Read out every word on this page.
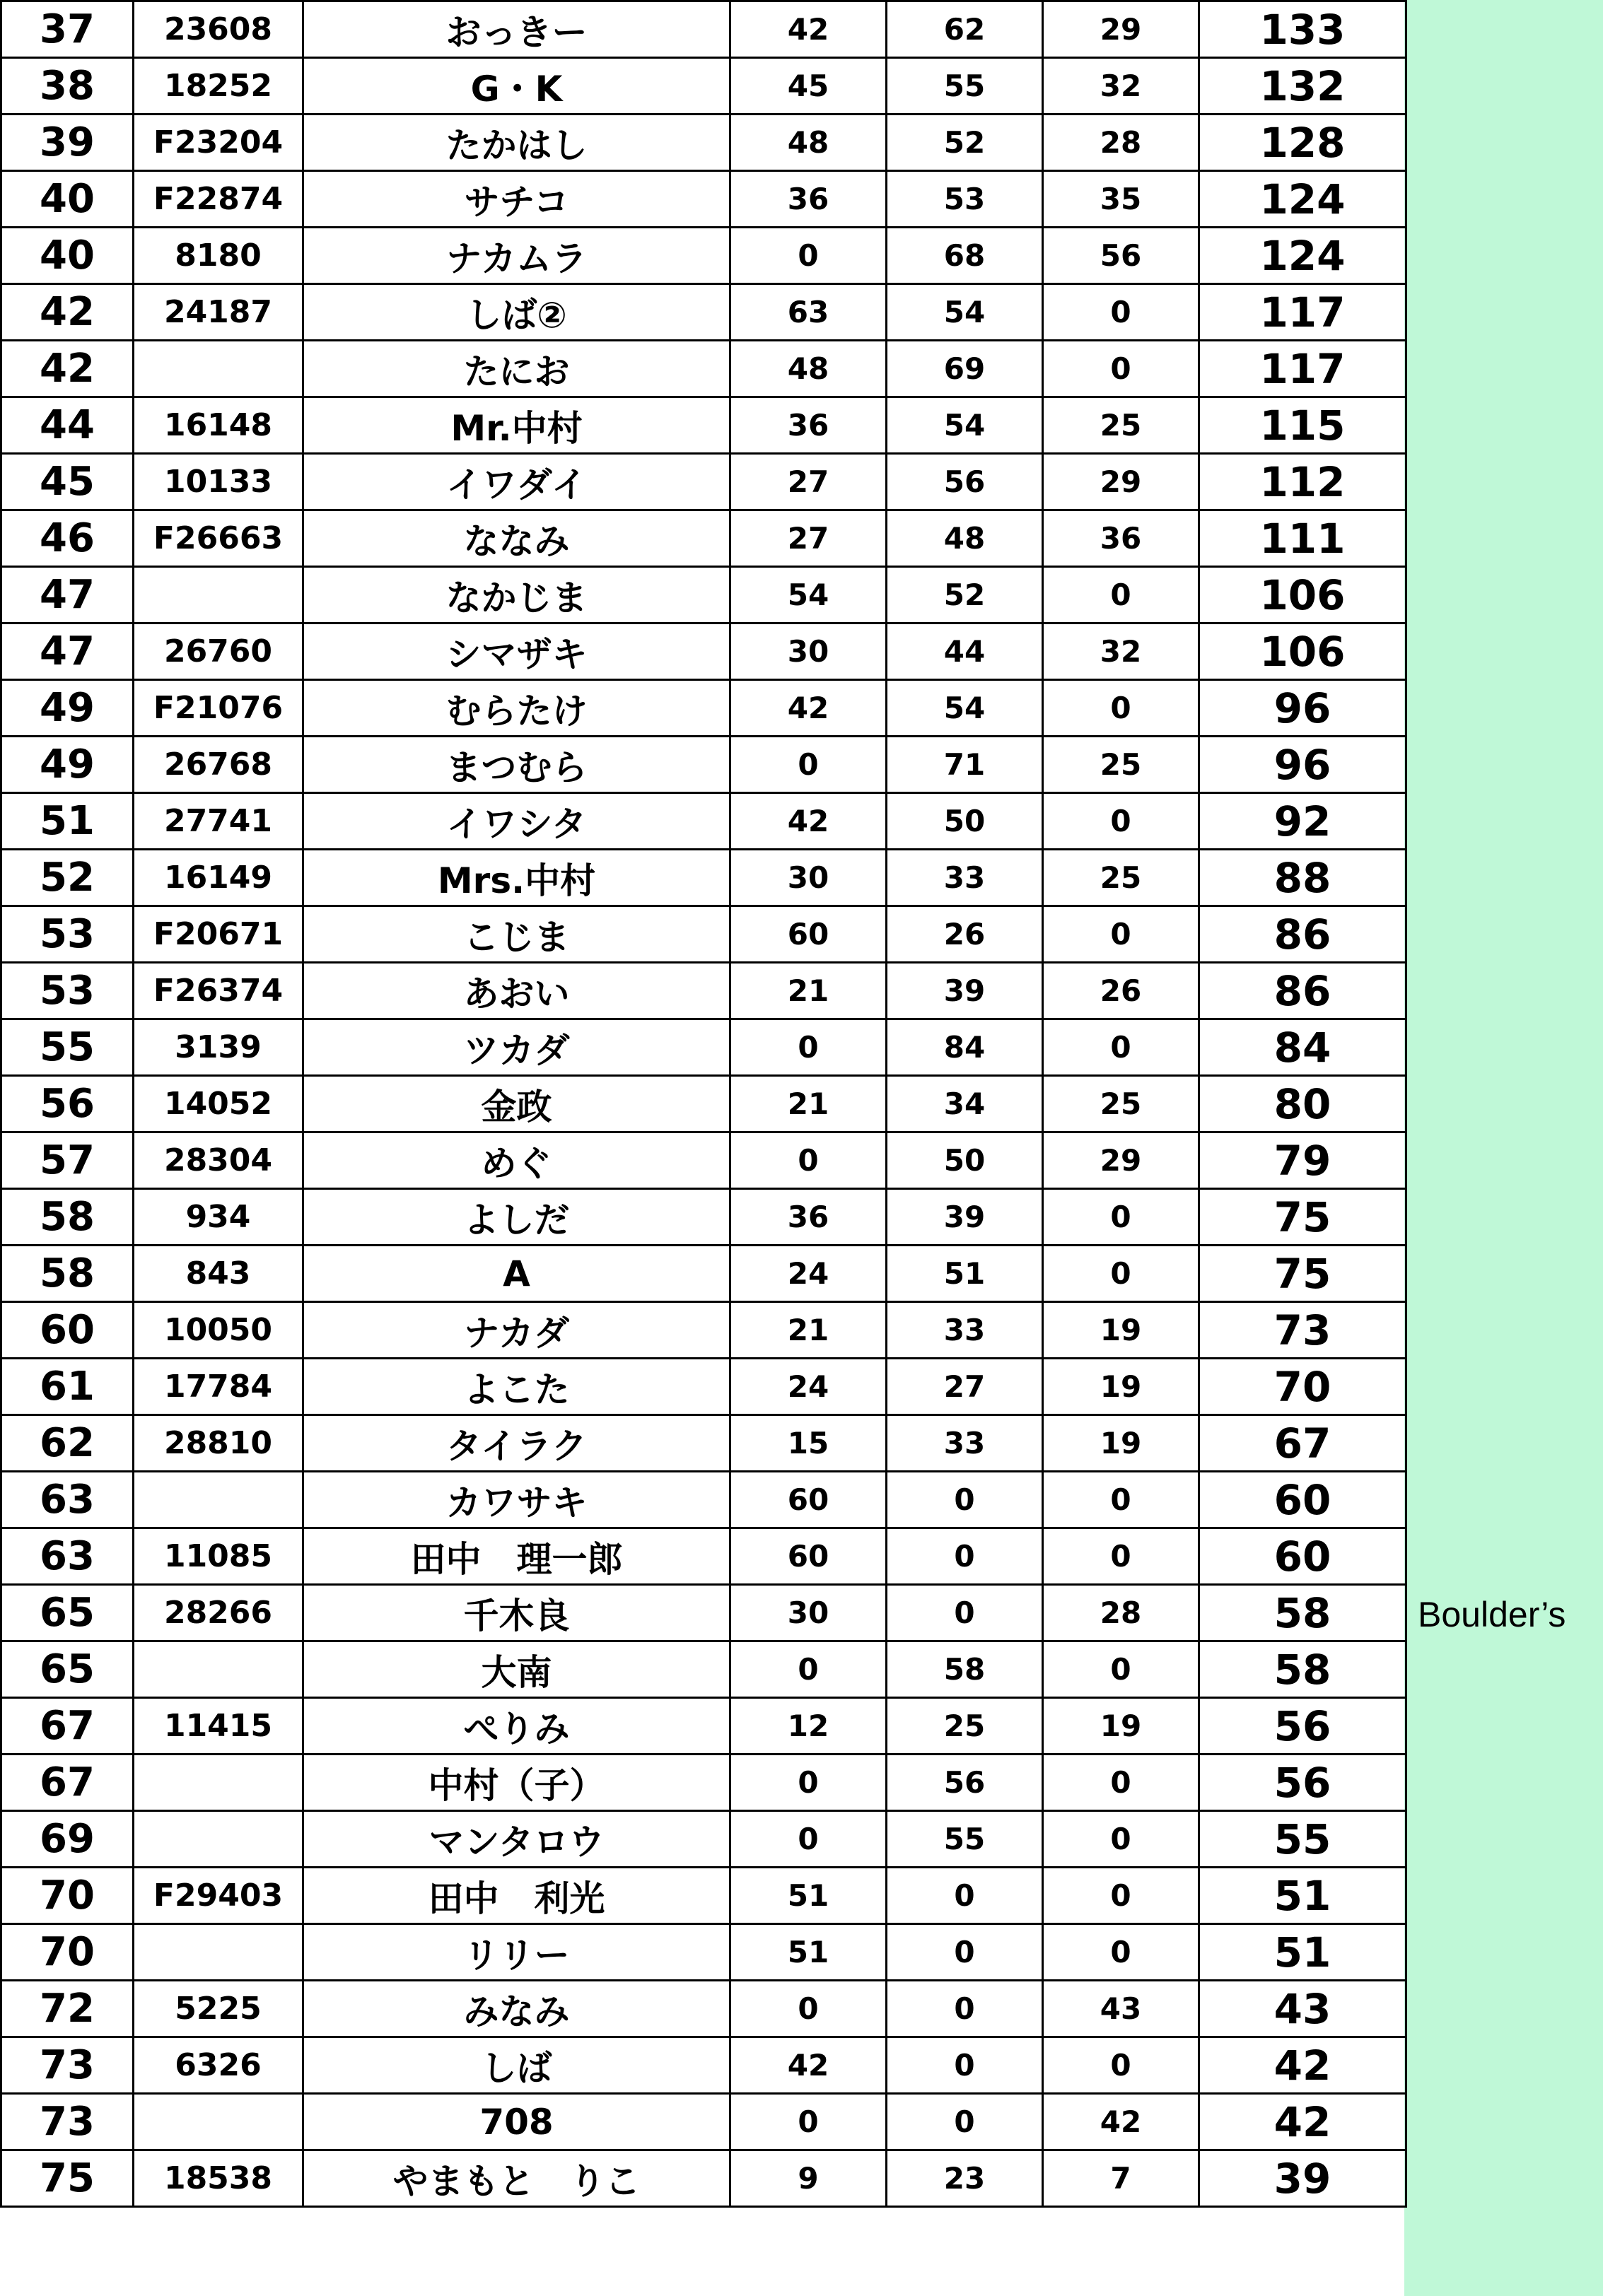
Boulder’s
37	23608	おっきー	42	62	29	133
38	18252	G・K	45	55	32	132
39	F23204	たかはし	48	52	28	128
40	F22874	サチコ	36	53	35	124
40	8180	ナカムラ	0	68	56	124
42	24187	しば②	63	54	0	117
42		たにお	48	69	0	117
44	16148	Mr.中村	36	54	25	115
45	10133	イワダイ	27	56	29	112
46	F26663	ななみ	27	48	36	111
47		なかじま	54	52	0	106
47	26760	シマザキ	30	44	32	106
49	F21076	むらたけ	42	54	0	96
49	26768	まつむら	0	71	25	96
51	27741	イワシタ	42	50	0	92
52	16149	Mrs.中村	30	33	25	88
53	F20671	こじま	60	26	0	86
53	F26374	あおい	21	39	26	86
55	3139	ツカダ	0	84	0	84
56	14052	金政	21	34	25	80
57	28304	めぐ	0	50	29	79
58	934	よしだ	36	39	0	75
58	843	A	24	51	0	75
60	10050	ナカダ	21	33	19	73
61	17784	よこた	24	27	19	70
62	28810	タイラク	15	33	19	67
63		カワサキ	60	0	0	60
63	11085	田中　理一郎	60	0	0	60
65	28266	千木良	30	0	28	58
65		大南	0	58	0	58
67	11415	ぺりみ	12	25	19	56
67		中村（子）	0	56	0	56
69		マンタロウ	0	55	0	55
70	F29403	田中　利光	51	0	0	51
70		リリー	51	0	0	51
72	5225	みなみ	0	0	43	43
73	6326	しば	42	0	0	42
73		708	0	0	42	42
75	18538	やまもと　りこ	9	23	7	39
